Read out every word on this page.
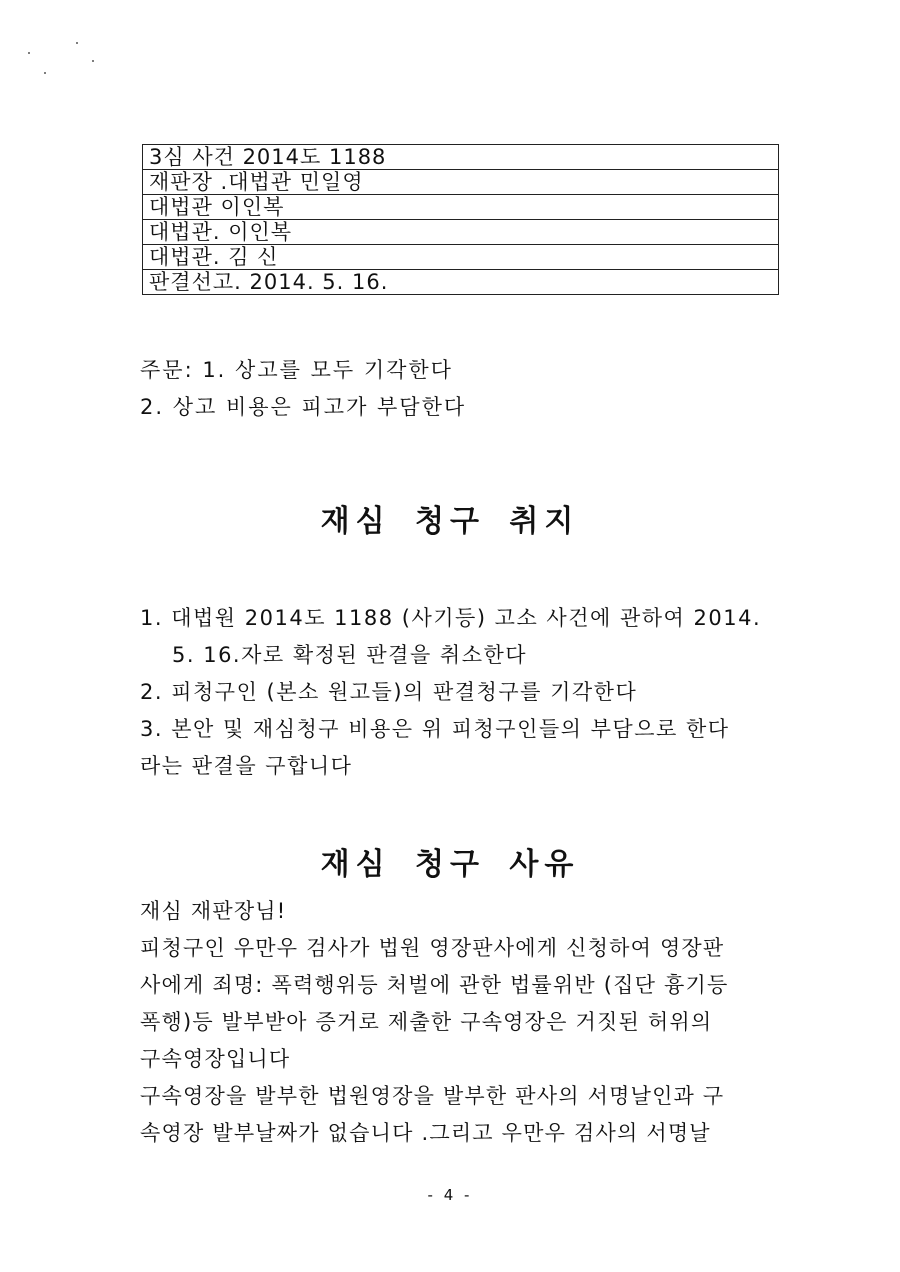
3심 사건 2014도 1188
재판장 .대법관 민일영
대법관 이인복
대법관. 이인복
대법관. 김 신
판결선고. 2014. 5. 16.
주문: 1. 상고를 모두 기각한다
2. 상고 비용은 피고가 부담한다
재심 청구 취지
1. 대법원 2014도 1188 (사기등) 고소 사건에 관하여 2014.
5. 16.자로 확정된 판결을 취소한다
2. 피청구인 (본소 원고들)의 판결청구를 기각한다
3. 본안 및 재심청구 비용은 위 피청구인들의 부담으로 한다
라는 판결을 구합니다
재심 청구 사유
재심 재판장님!
피청구인 우만우 검사가 법원 영장판사에게 신청하여 영장판
사에게 죄명: 폭력행위등 처벌에 관한 법률위반 (집단 흉기등
폭행)등 발부받아 증거로 제출한 구속영장은 거짓된 허위의
구속영장입니다
구속영장을 발부한 법원영장을 발부한 판사의 서명날인과 구
속영장 발부날짜가 없습니다 .그리고 우만우 검사의 서명날
- 4 -
